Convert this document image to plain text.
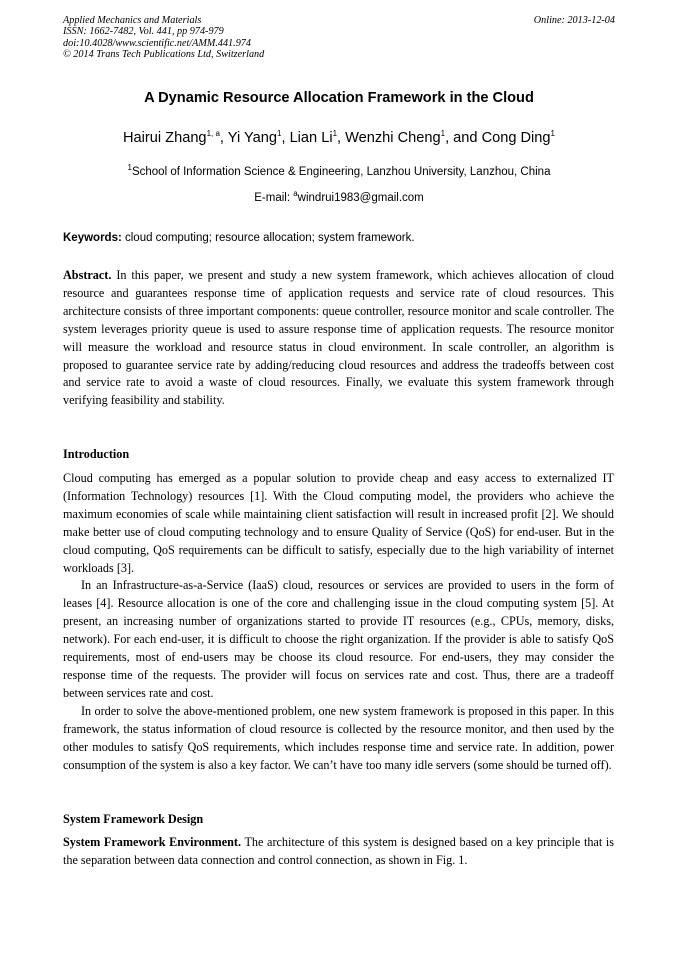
Applied Mechanics and Materials
ISSN: 1662-7482, Vol. 441, pp 974-979
doi:10.4028/www.scientific.net/AMM.441.974
© 2014 Trans Tech Publications Ltd, Switzerland
Online: 2013-12-04
A Dynamic Resource Allocation Framework in the Cloud
Hairui Zhang$^{1, a}$, Yi Yang$^1$, Lian Li$^1$, Wenzhi Cheng$^1$, and Cong Ding$^1$
$^1$School of Information Science & Engineering, Lanzhou University, Lanzhou, China
E-mail: $^a$windrui1983@gmail.com
Keywords: cloud computing; resource allocation; system framework.

Abstract. In this paper, we present and study a new system framework, which achieves allocation of cloud resource and guarantees response time of application requests and service rate of cloud resources. This architecture consists of three important components: queue controller, resource monitor and scale controller. The system leverages priority queue is used to assure response time of application requests. The resource monitor will measure the workload and resource status in cloud environment. In scale controller, an algorithm is proposed to guarantee service rate by adding/reducing cloud resources and address the tradeoffs between cost and service rate to avoid a waste of cloud resources. Finally, we evaluate this system framework through verifying feasibility and stability.

Introduction

Cloud computing has emerged as a popular solution to provide cheap and easy access to externalized IT (Information Technology) resources [1]. With the Cloud computing model, the providers who achieve the maximum economies of scale while maintaining client satisfaction will result in increased profit [2]. We should make better use of cloud computing technology and to ensure Quality of Service (QoS) for end-user. But in the cloud computing, QoS requirements can be difficult to satisfy, especially due to the high variability of internet workloads [3].

In an Infrastructure-as-a-Service (IaaS) cloud, resources or services are provided to users in the form of leases [4]. Resource allocation is one of the core and challenging issue in the cloud computing system [5]. At present, an increasing number of organizations started to provide IT resources (e.g., CPUs, memory, disks, network). For each end-user, it is difficult to choose the right organization. If the provider is able to satisfy QoS requirements, most of end-users may be choose its cloud resource. For end-users, they may consider the response time of the requests. The provider will focus on services rate and cost. Thus, there are a tradeoff between services rate and cost.

In order to solve the above-mentioned problem, one new system framework is proposed in this paper. In this framework, the status information of cloud resource is collected by the resource monitor, and then used by the other modules to satisfy QoS requirements, which includes response time and service rate. In addition, power consumption of the system is also a key factor. We can’t have too many idle servers (some should be turned off).

System Framework Design

System Framework Environment. The architecture of this system is designed based on a key principle that is the separation between data connection and control connection, as shown in Fig. 1.
